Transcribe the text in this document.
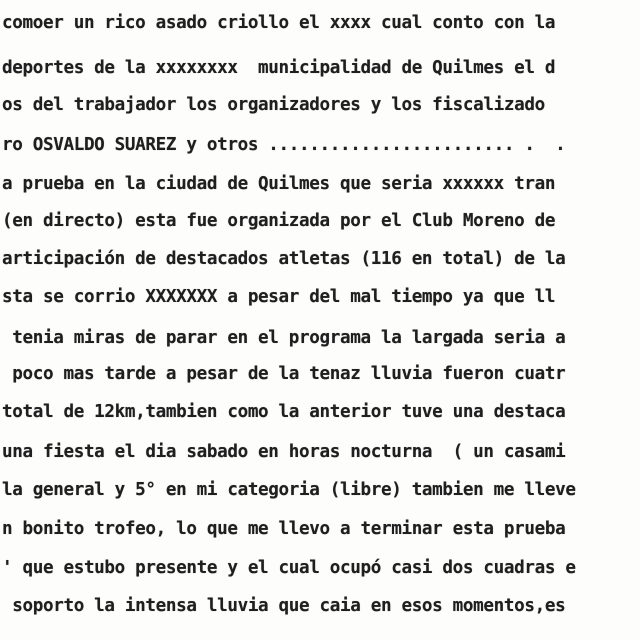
comoer un rico asado criollo el xxxx cual conto con la
deportes de la xxxxxxxx  municipalidad de Quilmes el d
os del trabajador los organizadores y los fiscalizado
ro OSVALDO SUAREZ y otros ........................ .  .
a prueba en la ciudad de Quilmes que seria xxxxxx tran
(en directo) esta fue organizada por el Club Moreno de
articipación de destacados atletas (116 en total) de la
sta se corrio XXXXXXX a pesar del mal tiempo ya que ll
tenia miras de parar en el programa la largada seria a
poco mas tarde a pesar de la tenaz lluvia fueron cuatr
total de 12km,tambien como la anterior tuve una destaca
una fiesta el dia sabado en horas nocturna  ( un casami
la general y 5° en mi categoria (libre) tambien me lleve
n bonito trofeo, lo que me llevo a terminar esta prueba
' que estubo presente y el cual ocupó casi dos cuadras e
soporto la intensa lluvia que caia en esos momentos,es
